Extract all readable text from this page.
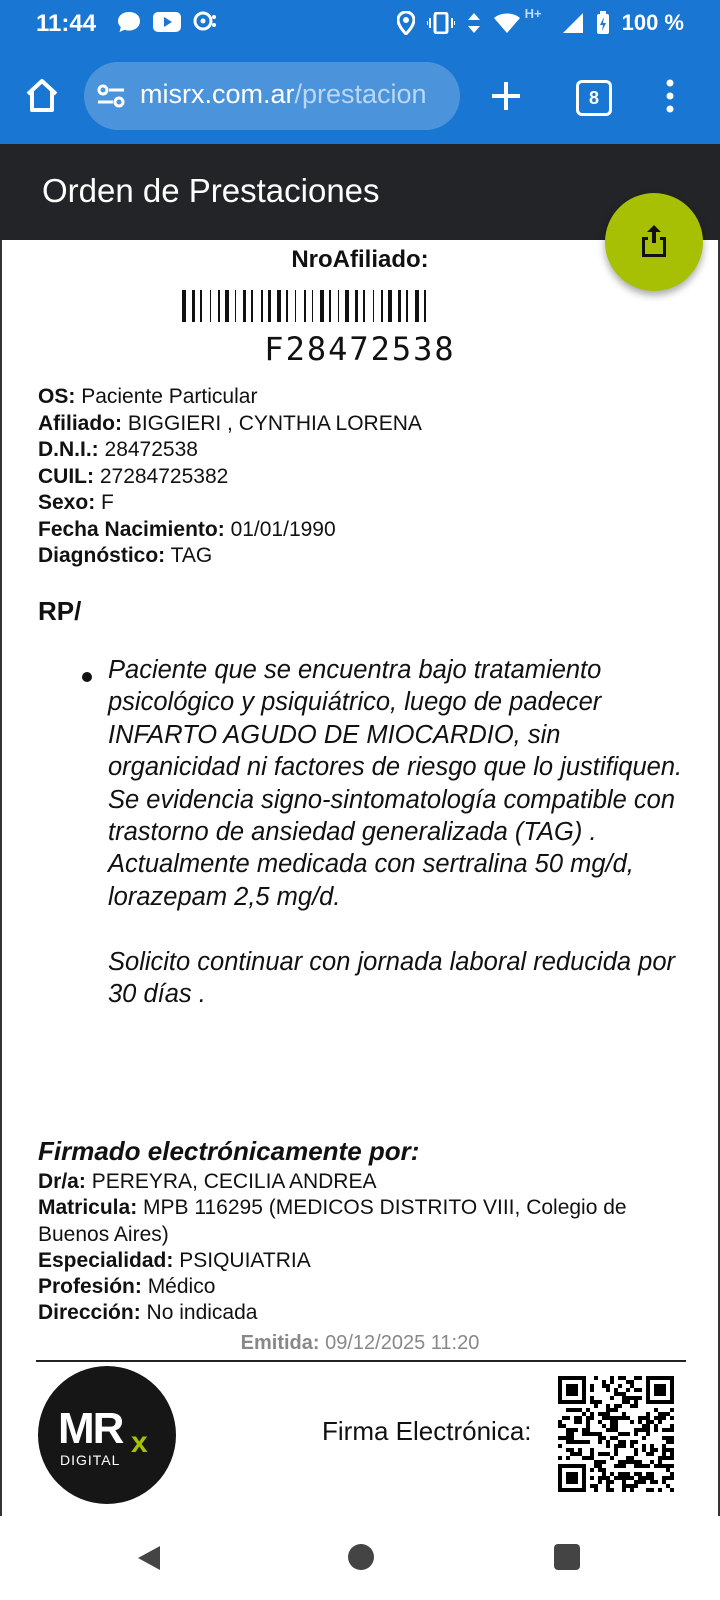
11:44	H+	100 %
misrx.com.ar/prestacion	8
Orden de Prestaciones
NroAfiliado:
F28472538
OS: Paciente Particular
Afiliado: BIGGIERI , CYNTHIA LORENA
D.N.I.: 28472538
CUIL: 27284725382
Sexo: F
Fecha Nacimiento: 01/01/1990
Diagnóstico: TAG
RP/
Paciente que se encuentra bajo tratamiento psicológico y psiquiátrico, luego de padecer INFARTO AGUDO DE MIOCARDIO, sin organicidad ni factores de riesgo que lo justifiquen.
Se evidencia signo-sintomatología compatible con trastorno de ansiedad generalizada (TAG) . Actualmente medicada con sertralina 50 mg/d, lorazepam 2,5 mg/d.

Solicito continuar con jornada laboral reducida por 30 días .
Firmado electrónicamente por:
Dr/a: PEREYRA, CECILIA ANDREA
Matricula: MPB 116295 (MEDICOS DISTRITO VIII, Colegio de Buenos Aires)
Especialidad: PSIQUIATRIA
Profesión: Médico
Dirección: No indicada
Emitida: 09/12/2025 11:20
MR x
DIGITAL
Firma Electrónica:
